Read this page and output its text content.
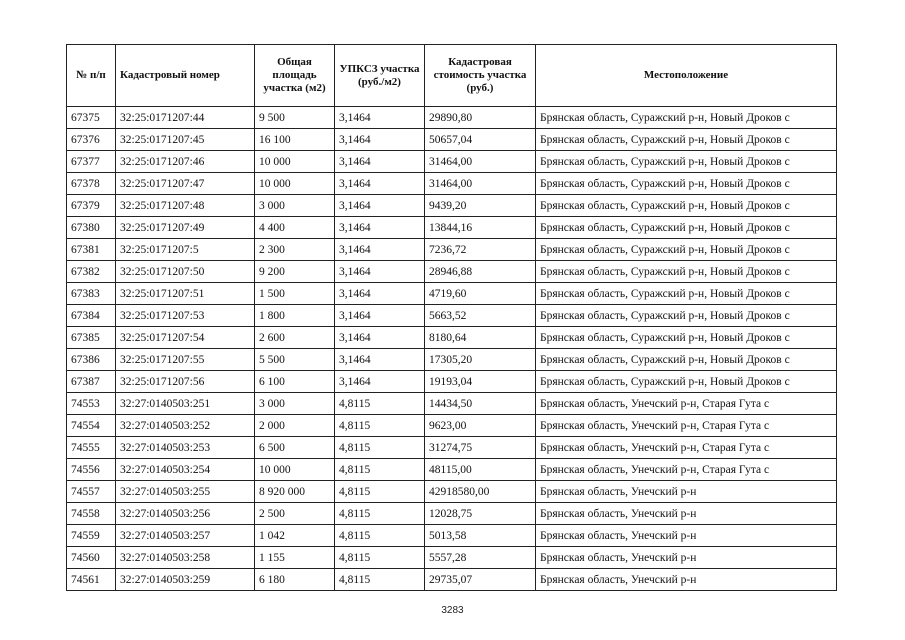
№ п/п	Кадастровый номер	Общая площадь участка (м2)	УПКСЗ участка (руб./м2)	Кадастровая стоимость участка (руб.)	Местоположение
67375	32:25:0171207:44	9 500	3,1464	29890,80	Брянская область, Суражский р-н, Новый Дроков с
67376	32:25:0171207:45	16 100	3,1464	50657,04	Брянская область, Суражский р-н, Новый Дроков с
67377	32:25:0171207:46	10 000	3,1464	31464,00	Брянская область, Суражский р-н, Новый Дроков с
67378	32:25:0171207:47	10 000	3,1464	31464,00	Брянская область, Суражский р-н, Новый Дроков с
67379	32:25:0171207:48	3 000	3,1464	9439,20	Брянская область, Суражский р-н, Новый Дроков с
67380	32:25:0171207:49	4 400	3,1464	13844,16	Брянская область, Суражский р-н, Новый Дроков с
67381	32:25:0171207:5	2 300	3,1464	7236,72	Брянская область, Суражский р-н, Новый Дроков с
67382	32:25:0171207:50	9 200	3,1464	28946,88	Брянская область, Суражский р-н, Новый Дроков с
67383	32:25:0171207:51	1 500	3,1464	4719,60	Брянская область, Суражский р-н, Новый Дроков с
67384	32:25:0171207:53	1 800	3,1464	5663,52	Брянская область, Суражский р-н, Новый Дроков с
67385	32:25:0171207:54	2 600	3,1464	8180,64	Брянская область, Суражский р-н, Новый Дроков с
67386	32:25:0171207:55	5 500	3,1464	17305,20	Брянская область, Суражский р-н, Новый Дроков с
67387	32:25:0171207:56	6 100	3,1464	19193,04	Брянская область, Суражский р-н, Новый Дроков с
74553	32:27:0140503:251	3 000	4,8115	14434,50	Брянская область, Унечский р-н, Старая Гута с
74554	32:27:0140503:252	2 000	4,8115	9623,00	Брянская область, Унечский р-н, Старая Гута с
74555	32:27:0140503:253	6 500	4,8115	31274,75	Брянская область, Унечский р-н, Старая Гута с
74556	32:27:0140503:254	10 000	4,8115	48115,00	Брянская область, Унечский р-н, Старая Гута с
74557	32:27:0140503:255	8 920 000	4,8115	42918580,00	Брянская область, Унечский р-н
74558	32:27:0140503:256	2 500	4,8115	12028,75	Брянская область, Унечский р-н
74559	32:27:0140503:257	1 042	4,8115	5013,58	Брянская область, Унечский р-н
74560	32:27:0140503:258	1 155	4,8115	5557,28	Брянская область, Унечский р-н
74561	32:27:0140503:259	6 180	4,8115	29735,07	Брянская область, Унечский р-н
3283
